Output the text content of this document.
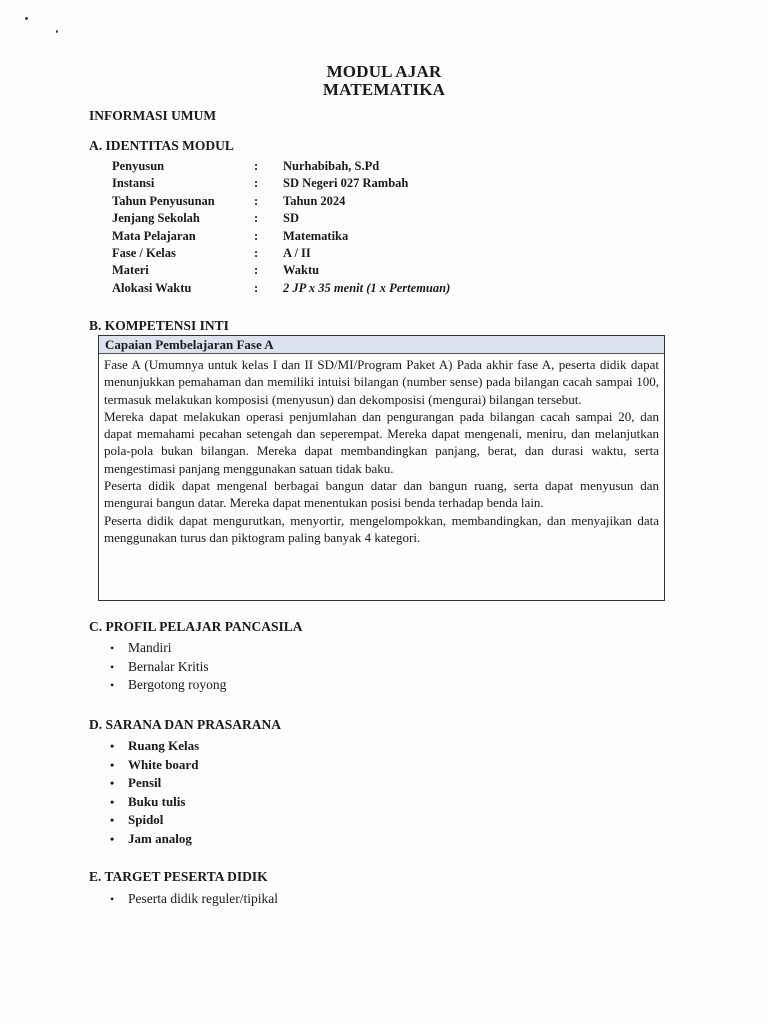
MODUL AJAR
MATEMATIKA
INFORMASI UMUM
A. IDENTITAS MODUL
Penyusun	: Nurhabibah, S.Pd
Instansi	: SD Negeri 027 Rambah
Tahun Penyusunan	: Tahun 2024
Jenjang Sekolah	: SD
Mata Pelajaran	: Matematika
Fase / Kelas	: A / II
Materi	: Waktu
Alokasi Waktu	: 2 JP x 35 menit (1 x Pertemuan)
B. KOMPETENSI INTI
Capaian Pembelajaran Fase A

Fase A (Umumnya untuk kelas I dan II SD/MI/Program Paket A) Pada akhir fase A, peserta didik dapat menunjukkan pemahaman dan memiliki intuisi bilangan (number sense) pada bilangan cacah sampai 100, termasuk melakukan komposisi (menyusun) dan dekomposisi (mengurai) bilangan tersebut.

Mereka dapat melakukan operasi penjumlahan dan pengurangan pada bilangan cacah sampai 20, dan dapat memahami pecahan setengah dan seperempat. Mereka dapat mengenali, meniru, dan melanjutkan pola-pola bukan bilangan. Mereka dapat membandingkan panjang, berat, dan durasi waktu, serta mengestimasi panjang menggunakan satuan tidak baku.

Peserta didik dapat mengenal berbagai bangun datar dan bangun ruang, serta dapat menyusun dan mengurai bangun datar. Mereka dapat menentukan posisi benda terhadap benda lain.

Peserta didik dapat mengurutkan, menyortir, mengelompokkan, membandingkan, dan menyajikan data menggunakan turus dan piktogram paling banyak 4 kategori.

C. PROFIL PELAJAR PANCASILA
• Mandiri
• Bernalar Kritis
• Bergotong royong
D. SARANA DAN PRASARANA
• Ruang Kelas
• White board
• Pensil
• Buku tulis
• Spidol
• Jam analog
E. TARGET PESERTA DIDIK
• Peserta didik reguler/tipikal
